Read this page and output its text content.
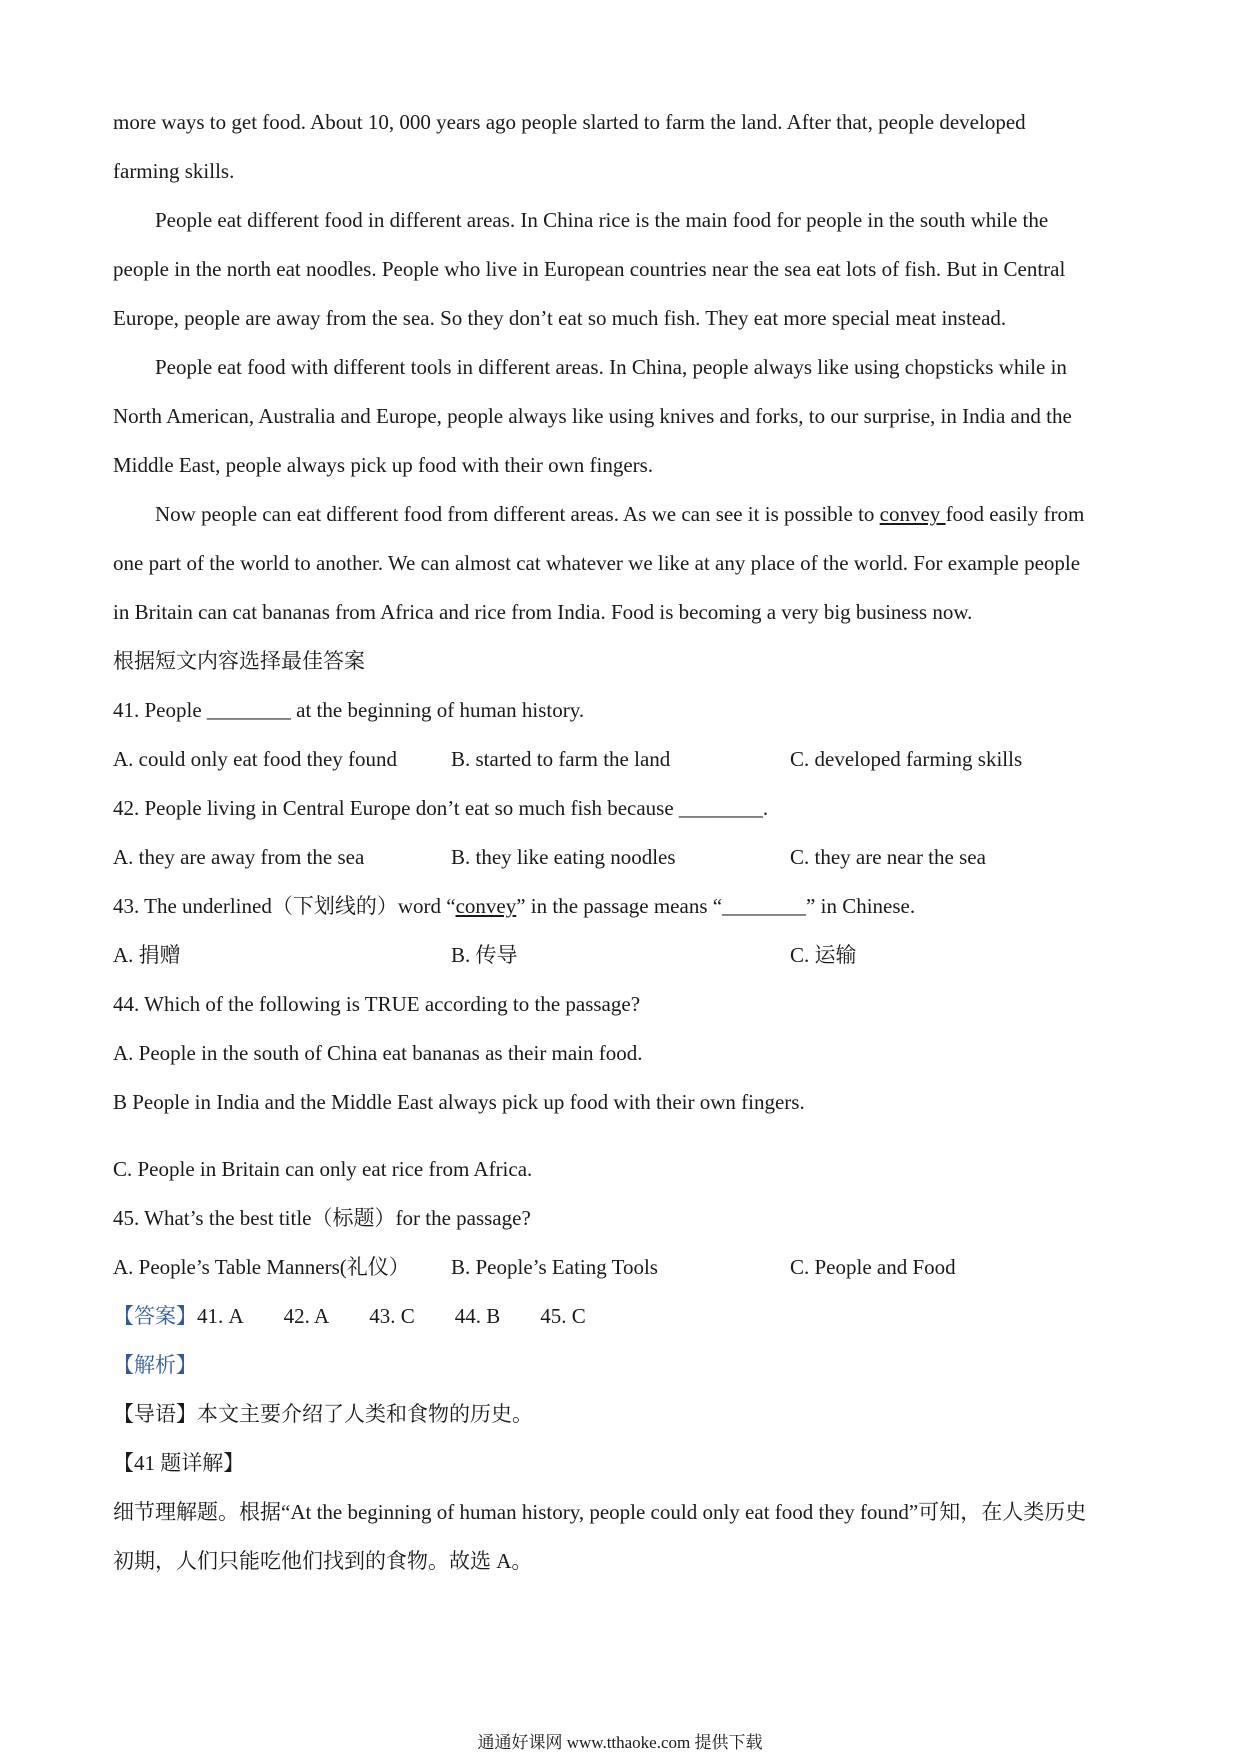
more ways to get food. About 10, 000 years ago people slarted to farm the land. After that, people developed
farming skills.
People eat different food in different areas. In China rice is the main food for people in the south while the
people in the north eat noodles. People who live in European countries near the sea eat lots of fish. But in Central
Europe, people are away from the sea. So they don’t eat so much fish. They eat more special meat instead.
People eat food with different tools in different areas. In China, people always like using chopsticks while in
North American, Australia and Europe, people always like using knives and forks, to our surprise, in India and the
Middle East, people always pick up food with their own fingers.
Now people can eat different food from different areas. As we can see it is possible to convey food easily from
one part of the world to another. We can almost cat whatever we like at any place of the world. For example people
in Britain can cat bananas from Africa and rice from India. Food is becoming a very big business now.
根据短文内容选择最佳答案
41. People ________ at the beginning of human history.
A. could only eat food they found	B. started to farm the land	C. developed farming skills
42. People living in Central Europe don’t eat so much fish because ________.
A. they are away from the sea	B. they like eating noodles	C. they are near the sea
43. The underlined（下划线的）word “convey” in the passage means “________” in Chinese.
A. 捐赠	B. 传导	C. 运输
44. Which of the following is TRUE according to the passage?
A. People in the south of China eat bananas as their main food.
B People in India and the Middle East always pick up food with their own fingers.
C. People in Britain can only eat rice from Africa.
45. What’s the best title（标题）for the passage?
A. People’s Table Manners(礼仪）	B. People’s Eating Tools	C. People and Food
【答案】41. A 42. A 43. C 44. B 45. C
【解析】
【导语】本文主要介绍了人类和食物的历史。
【41 题详解】
细节理解题。根据“At the beginning of human history, people could only eat food they found”可知，在人类历史
初期，人们只能吃他们找到的食物。故选 A。
通通好课网 www.tthaoke.com 提供下载
